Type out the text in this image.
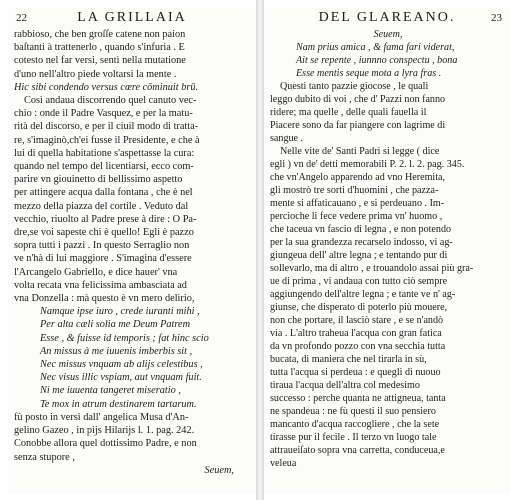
22	LA GRILLAIA
rabbioso, che ben groſſe catene non paion
baſtanti à trattenerlo , quando s'infuria . E
cotesto nel far versi, sentì nella mutatione
d'uno nell'altro piede voltarsi la mente .
Hic sibi condendo versus cœre cōminuit brū.
Così andaua discorrendo quel canuto vec-
chio : onde il Padre Vasquez, e per la matu-
rità del discorso, e per il ciuil modo di tratta-
re, s'imaginò,ch'ei fusse il Presidente, e che à
lui di quella habitatione s'aspettasse la cura:
quando nel tempo del licentiarsi, ecco com-
parire vn giouinetto di bellissimo aspetto
per attingere acqua dalla fontana , che è nel
mezzo della piazza del cortile . Veduto dal
vecchio, riuolto al Padre prese à dire : O Pa-
dre,se voi sapeste chi è quello! Egli è pazzo
sopra tutti i pazzi . In questo Serraglio non
ve n'hà di lui maggiore . S'imagina d'essere
l'Arcangelo Gabriello, e dice hauer' vna
volta recata vna felicissima ambasciata ad
vna Donzella : mà questo è vn mero delirio,
Namque ipse iuro , crede iuranti mihi ,
Per alta cæli solia me Deum Patrem
Esse , & fuisse id temporis ; fat hinc scio
An missus à me iuuenis imberbis sit ,
Nec missus vnquam ab alijs celestibus ,
Nec visus illic vspiam, aut vnquam fuit.
Ni me iuuenta tangeret miseratio ,
Te mox in atrum destinarem tartarum.
fù posto in versi dall' angelica Musa d'An-
gelino Gazeo , in pijs Hilarijs l. 1. pag. 242.
Conobbe allora quel dottissimo Padre, e non
senza stupore ,
Seuem,
DEL GLAREANO.	23
Seuem,
Nam prius amica , & fama fari viderat,
Ait se repente , iunnno conspectu , bona
Esse mentis seque mota a lyra fras .
Questi tanto pazzie giocose , le quali
leggo dubito di voi , che d' Pazzi non fanno
ridere; ma quelle , delle quali fauella il
Piacere sono da far piangere con lagrime di
sangue .
Nelle vite de' Santi Padri si legge ( dice
egli ) vn de' detti memorabili P. 2. l. 2. pag. 345.
che vn'Angelo apparendo ad vno Heremita,
gli mostrò tre sorti d'huomini , che pazza-
mente si affaticauano , e si perdeuano . Im-
percioche li fece vedere prima vn' huomo ,
che taceua vn fascio di legna , e non potendo
per la sua grandezza recarselo indosso, vi ag-
giungeua dell' altre legna ; e tentando pur di
sollevarlo, ma di altro , e trouandolo assai più gra-
ue di prima , vi andaua con tutto ciò sempre
aggiungendo dell'altre legna ; e tante ve n' ag-
giunse, che disperato di poterlo più mouere,
non che portare, il lasciò stare , e se n'andò
via . L'altro traheua l'acqua con gran fatica
da vn profondo pozzo con vna secchia tutta
bucata, di maniera che nel tirarla in sù,
tutta l'acqua si perdeua : e quegli di nuouo
tiraua l'acqua dell'altra col medesimo
successo : perche quanta ne attigneua, tanta
ne spandeua : ne fù questi il suo pensiero
mancanto d'acqua raccogliere , che la sete
tirasse pur il fecile . Il terzo vn luogo tale
attraueiſato sopra vna carretta, conduceua,e
veleua
